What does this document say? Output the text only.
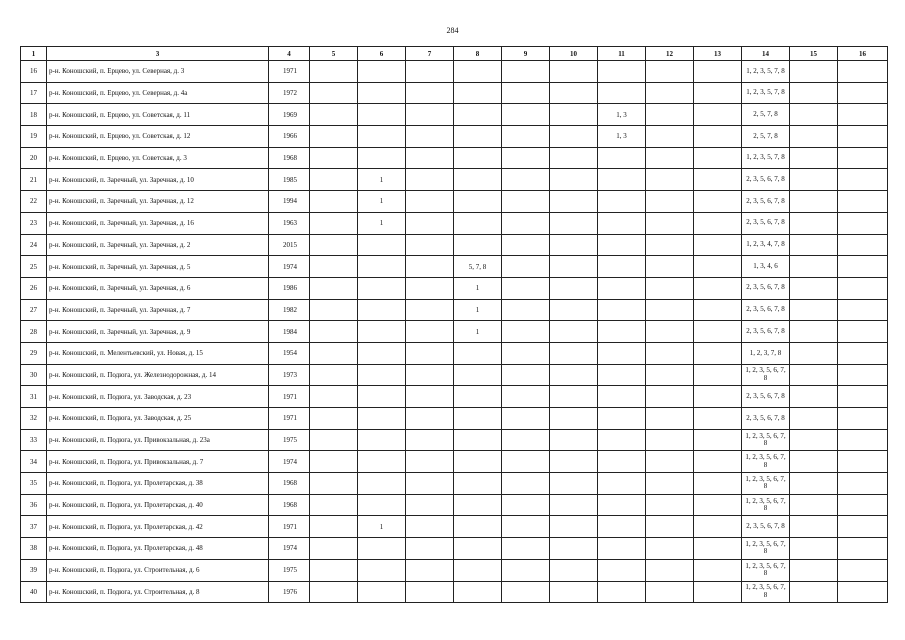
284
1	3	4	5	6	7	8	9	10	11	12	13	14	15	16
16	р-н. Коношский, п. Ерцево, ул. Северная, д. 3	1971										1, 2, 3, 5, 7, 8		
17	р-н. Коношский, п. Ерцево, ул. Северная, д. 4а	1972										1, 2, 3, 5, 7, 8		
18	р-н. Коношский, п. Ерцево, ул. Советская, д. 11	1969							1, 3			2, 5, 7, 8		
19	р-н. Коношский, п. Ерцево, ул. Советская, д. 12	1966							1, 3			2, 5, 7, 8		
20	р-н. Коношский, п. Ерцево, ул. Советская, д. 3	1968										1, 2, 3, 5, 7, 8		
21	р-н. Коношский, п. Заречный, ул. Заречная, д. 10	1985		1								2, 3, 5, 6, 7, 8		
22	р-н. Коношский, п. Заречный, ул. Заречная, д. 12	1994		1								2, 3, 5, 6, 7, 8		
23	р-н. Коношский, п. Заречный, ул. Заречная, д. 16	1963		1								2, 3, 5, 6, 7, 8		
24	р-н. Коношский, п. Заречный, ул. Заречная, д. 2	2015										1, 2, 3, 4, 7, 8		
25	р-н. Коношский, п. Заречный, ул. Заречная, д. 5	1974				5, 7, 8						1, 3, 4, 6		
26	р-н. Коношский, п. Заречный, ул. Заречная, д. 6	1986				1						2, 3, 5, 6, 7, 8		
27	р-н. Коношский, п. Заречный, ул. Заречная, д. 7	1982				1						2, 3, 5, 6, 7, 8		
28	р-н. Коношский, п. Заречный, ул. Заречная, д. 9	1984				1						2, 3, 5, 6, 7, 8		
29	р-н. Коношский, п. Мелентьевский, ул. Новая, д. 15	1954										1, 2, 3, 7, 8		
30	р-н. Коношский, п. Подюга, ул. Железнодорожная, д. 14	1973										1, 2, 3, 5, 6, 7, 8		
31	р-н. Коношский, п. Подюга, ул. Заводская, д. 23	1971										2, 3, 5, 6, 7, 8		
32	р-н. Коношский, п. Подюга, ул. Заводская, д. 25	1971										2, 3, 5, 6, 7, 8		
33	р-н. Коношский, п. Подюга, ул. Привокзальная, д. 23а	1975										1, 2, 3, 5, 6, 7, 8		
34	р-н. Коношский, п. Подюга, ул. Привокзальная, д. 7	1974										1, 2, 3, 5, 6, 7, 8		
35	р-н. Коношский, п. Подюга, ул. Пролетарская, д. 38	1968										1, 2, 3, 5, 6, 7, 8		
36	р-н. Коношский, п. Подюга, ул. Пролетарская, д. 40	1968										1, 2, 3, 5, 6, 7, 8		
37	р-н. Коношский, п. Подюга, ул. Пролетарская, д. 42	1971		1								2, 3, 5, 6, 7, 8		
38	р-н. Коношский, п. Подюга, ул. Пролетарская, д. 48	1974										1, 2, 3, 5, 6, 7, 8		
39	р-н. Коношский, п. Подюга, ул. Строительная, д. 6	1975										1, 2, 3, 5, 6, 7, 8		
40	р-н. Коношский, п. Подюга, ул. Строительная, д. 8	1976										1, 2, 3, 5, 6, 7, 8		
